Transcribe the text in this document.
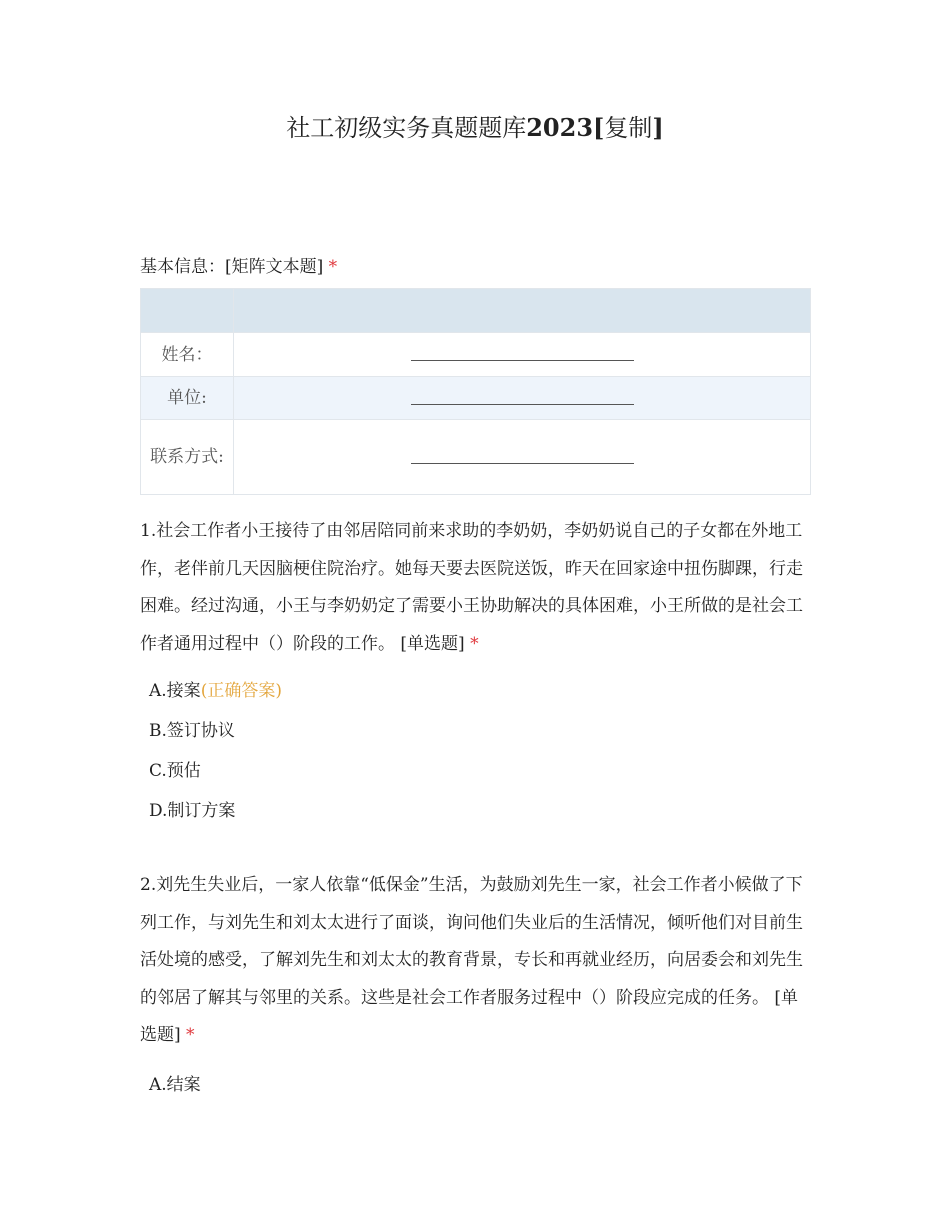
社工初级实务真题题库2023[复制]
基本信息：[矩阵文本题] *

姓名：	
单位:	
联系方式:	
1.社会工作者小王接待了由邻居陪同前来求助的李奶奶，李奶奶说自己的子女都在外地工作，老伴前几天因脑梗住院治疗。她每天要去医院送饭，昨天在回家途中扭伤脚踝，行走困难。经过沟通，小王与李奶奶定了需要小王协助解决的具体困难，小王所做的是社会工作者通用过程中（）阶段的工作。 [单选题] *
A.接案(正确答案)
B.签订协议
C.预估
D.制订方案
2.刘先生失业后，一家人依靠“低保金”生活，为鼓励刘先生一家，社会工作者小候做了下列工作，与刘先生和刘太太进行了面谈，询问他们失业后的生活情况，倾听他们对目前生活处境的感受，了解刘先生和刘太太的教育背景，专长和再就业经历，向居委会和刘先生的邻居了解其与邻里的关系。这些是社会工作者服务过程中（）阶段应完成的任务。 [单选题] *
A.结案
